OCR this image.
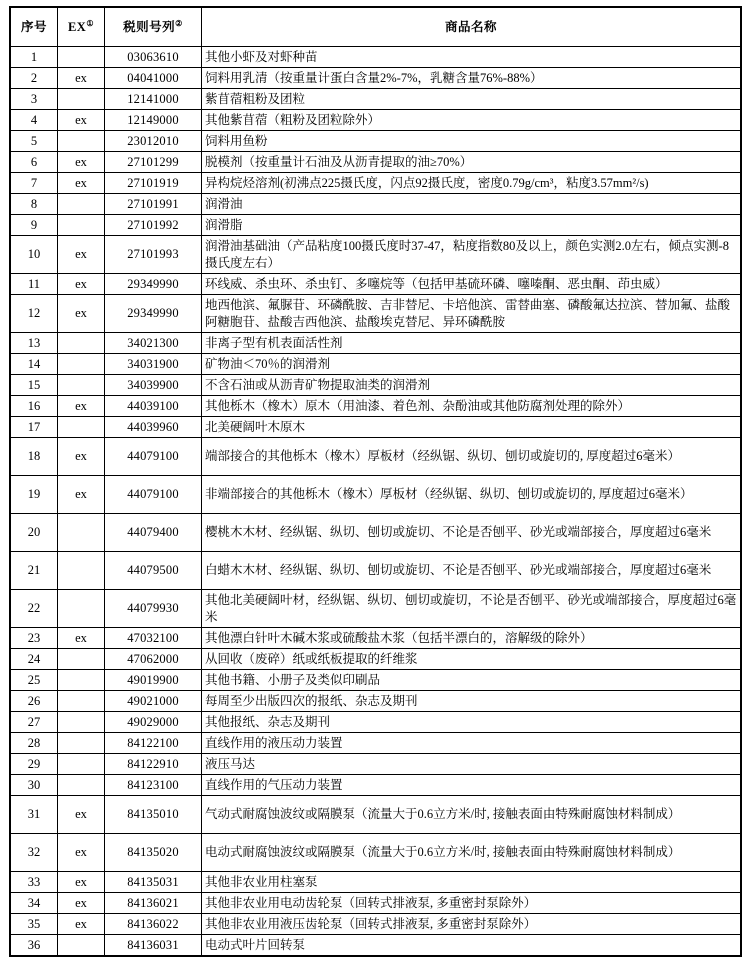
序号	EX①	税则号列②	商品名称
1		03063610	其他小虾及对虾种苗
2	ex	04041000	饲料用乳清（按重量计蛋白含量2%-7%，乳糖含量76%-88%）
3		12141000	紫苜蓿粗粉及团粒
4	ex	12149000	其他紫苜蓿（粗粉及团粒除外）
5		23012010	饲料用鱼粉
6	ex	27101299	脱模剂（按重量计石油及从沥青提取的油≥70%）
7	ex	27101919	异构烷烃溶剂(初沸点225摄氏度，闪点92摄氏度，密度0.79g/cm³，粘度3.57mm²/s)
8		27101991	润滑油
9		27101992	润滑脂
10	ex	27101993	润滑油基础油（产品粘度100摄氏度时37-47，粘度指数80及以上，颜色实测2.0左右，倾点实测-8摄氏度左右）
11	ex	29349990	环线威、杀虫环、杀虫钉、多噻烷等（包括甲基硫环磷、噻嗪酮、恶虫酮、茚虫威）
12	ex	29349990	地西他滨、氟脲苷、环磷酰胺、吉非替尼、卡培他滨、雷替曲塞、磷酸氟达拉滨、替加氟、盐酸阿糖胞苷、盐酸吉西他滨、盐酸埃克替尼、异环磷酰胺
13		34021300	非离子型有机表面活性剂
14		34031900	矿物油＜70％的润滑剂
15		34039900	不含石油或从沥青矿物提取油类的润滑剂
16	ex	44039100	其他栎木（橡木）原木（用油漆、着色剂、杂酚油或其他防腐剂处理的除外）
17		44039960	北美硬阔叶木原木
18	ex	44079100	端部接合的其他栎木（橡木）厚板材（经纵锯、纵切、刨切或旋切的, 厚度超过6毫米）
19	ex	44079100	非端部接合的其他栎木（橡木）厚板材（经纵锯、纵切、刨切或旋切的, 厚度超过6毫米）
20		44079400	樱桃木木材、经纵锯、纵切、刨切或旋切、不论是否刨平、砂光或端部接合，厚度超过6毫米
21		44079500	白蜡木木材、经纵锯、纵切、刨切或旋切、不论是否刨平、砂光或端部接合，厚度超过6毫米
22		44079930	其他北美硬阔叶材，经纵锯、纵切、刨切或旋切，不论是否刨平、砂光或端部接合，厚度超过6毫米
23	ex	47032100	其他漂白针叶木碱木浆或硫酸盐木浆（包括半漂白的，溶解级的除外）
24		47062000	从回收（废碎）纸或纸板提取的纤维浆
25		49019900	其他书籍、小册子及类似印刷品
26		49021000	每周至少出版四次的报纸、杂志及期刊
27		49029000	其他报纸、杂志及期刊
28		84122100	直线作用的液压动力装置
29		84122910	液压马达
30		84123100	直线作用的气压动力装置
31	ex	84135010	气动式耐腐蚀波纹或隔膜泵（流量大于0.6立方米/时, 接触表面由特殊耐腐蚀材料制成）
32	ex	84135020	电动式耐腐蚀波纹或隔膜泵（流量大于0.6立方米/时, 接触表面由特殊耐腐蚀材料制成）
33	ex	84135031	其他非农业用柱塞泵
34	ex	84136021	其他非农业用电动齿轮泵（回转式排液泵, 多重密封泵除外）
35	ex	84136022	其他非农业用液压齿轮泵（回转式排液泵, 多重密封泵除外）
36		84136031	电动式叶片回转泵
